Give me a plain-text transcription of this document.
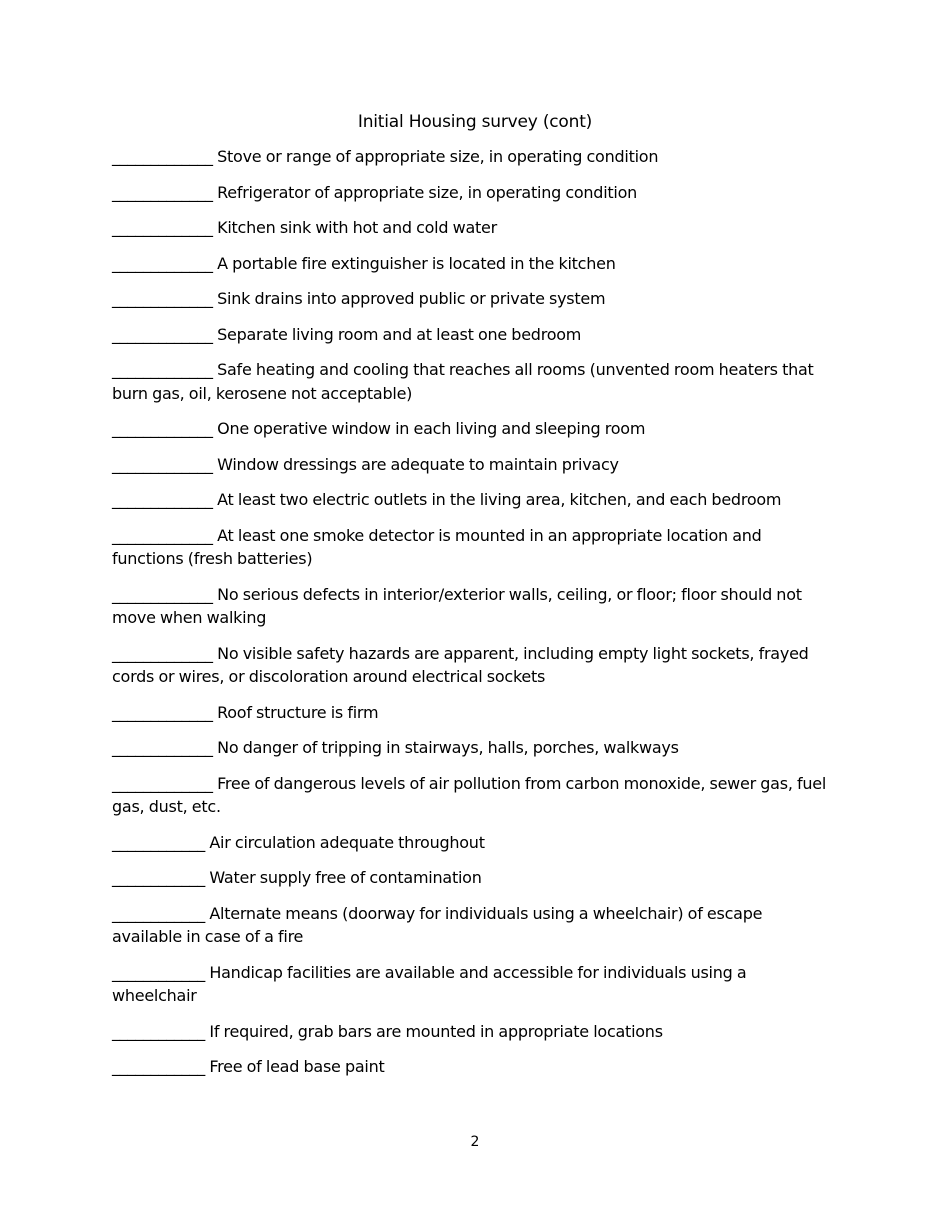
Initial Housing survey (cont)
_____________ Stove or range of appropriate size, in operating condition
_____________ Refrigerator of appropriate size, in operating condition
_____________ Kitchen sink with hot and cold water
_____________ A portable fire extinguisher is located in the kitchen
_____________ Sink drains into approved public or private system
_____________ Separate living room and at least one bedroom
_____________ Safe heating and cooling that reaches all rooms (unvented room heaters that burn gas, oil, kerosene not acceptable)
_____________ One operative window in each living and sleeping room
_____________ Window dressings are adequate to maintain privacy
_____________ At least two electric outlets in the living area, kitchen, and each bedroom
_____________ At least one smoke detector is mounted in an appropriate location and functions (fresh batteries)
_____________ No serious defects in interior/exterior walls, ceiling, or floor; floor should not move when walking
_____________ No visible safety hazards are apparent, including empty light sockets, frayed cords or wires, or discoloration around electrical sockets
_____________ Roof structure is firm
_____________ No danger of tripping in stairways, halls, porches, walkways
_____________ Free of dangerous levels of air pollution from carbon monoxide, sewer gas, fuel gas, dust, etc.
____________ Air circulation adequate throughout
____________ Water supply free of contamination
____________ Alternate means (doorway for individuals using a wheelchair) of escape available in case of a fire
____________ Handicap facilities are available and accessible for individuals using a wheelchair
____________ If required, grab bars are mounted in appropriate locations
____________ Free of lead base paint
2
